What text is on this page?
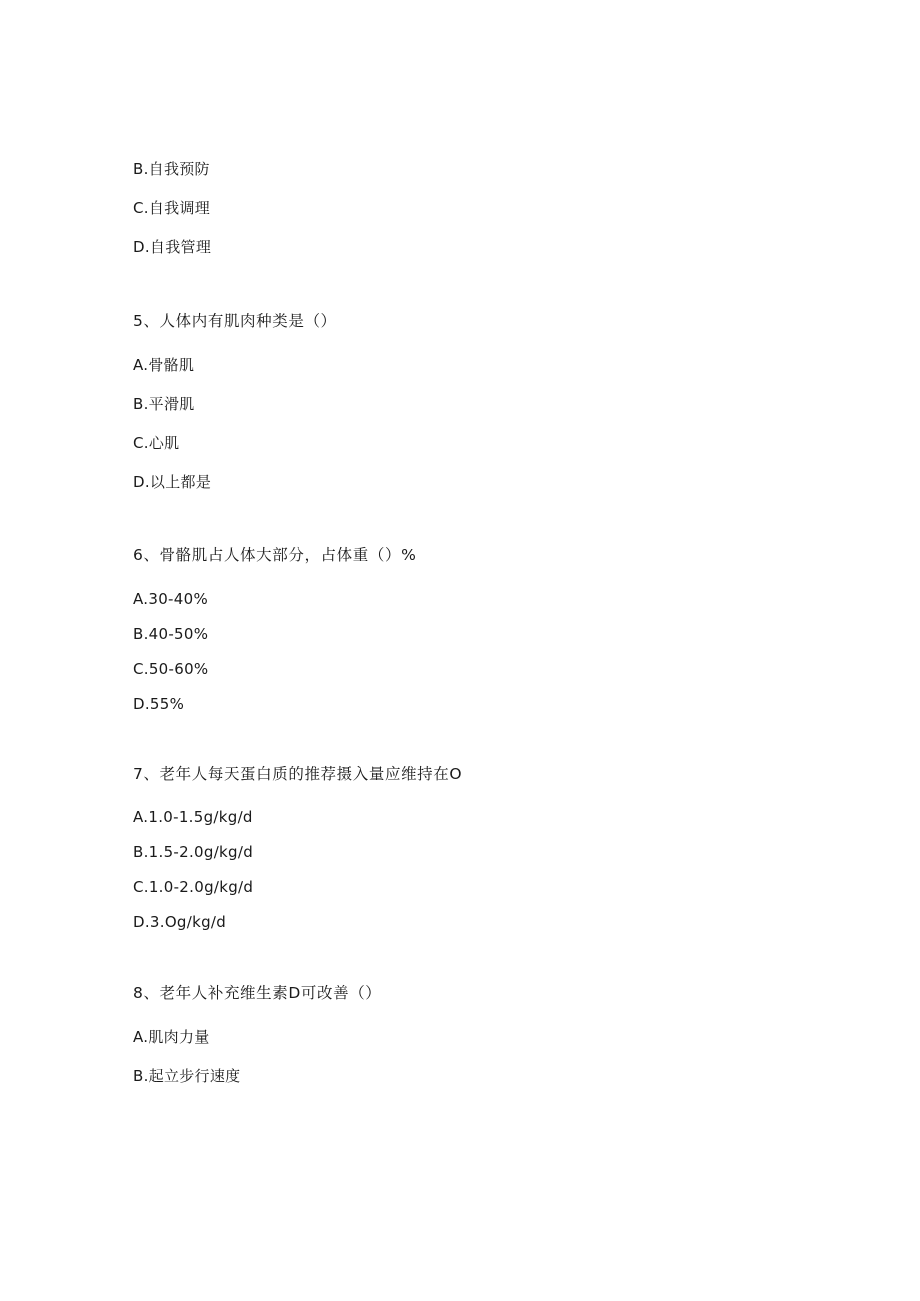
B.自我预防
C.自我调理
D.自我管理
5、人体内有肌肉种类是（）
A.骨骼肌
B.平滑肌
C.心肌
D.以上都是
6、骨骼肌占人体大部分，占体重（）%
A.30-40%
B.40-50%
C.50-60%
D.55%
7、老年人每天蛋白质的推荐摄入量应维持在O
A.1.0-1.5g∕kg∕d
B.1.5-2.0g∕kg∕d
C.1.0-2.0g∕kg∕d
D.3.Og∕kg∕d
8、老年人补充维生素D可改善（）
A.肌肉力量
B.起立步行速度
